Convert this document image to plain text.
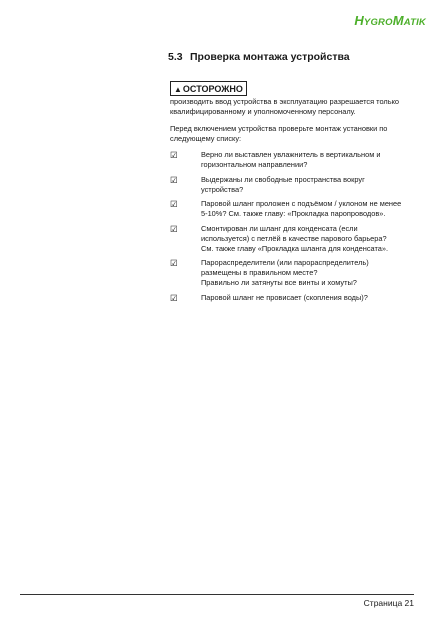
HYGROMATIK
5.3 Проверка монтажа устройства
▲ОСТОРОЖНО
производить ввод устройства в эксплуатацию разрешается только квалифицированному и уполномоченному персоналу.
Перед включением устройства проверьте монтаж установки по следующему списку:
☑	Верно ли выставлен увлажнитель в вертикальном и
горизонтальном направлении?
☑	Выдержаны ли свободные пространства вокруг
устройства?
☑	Паровой шланг проложен с подъёмом / уклоном не менее
5-10%? См. также главу: «Прокладка паропроводов».
☑	Смонтирован ли шланг для конденсата (если
используется) с петлёй в качестве парового барьера?
См. также главу «Прокладка шланга для конденсата».
☑	Парораспределители (или парораспределитель)
размещены в правильном месте?
Правильно ли затянуты все винты и хомуты?
☑	Паровой шланг не провисает (скопления воды)?
Страница 21
